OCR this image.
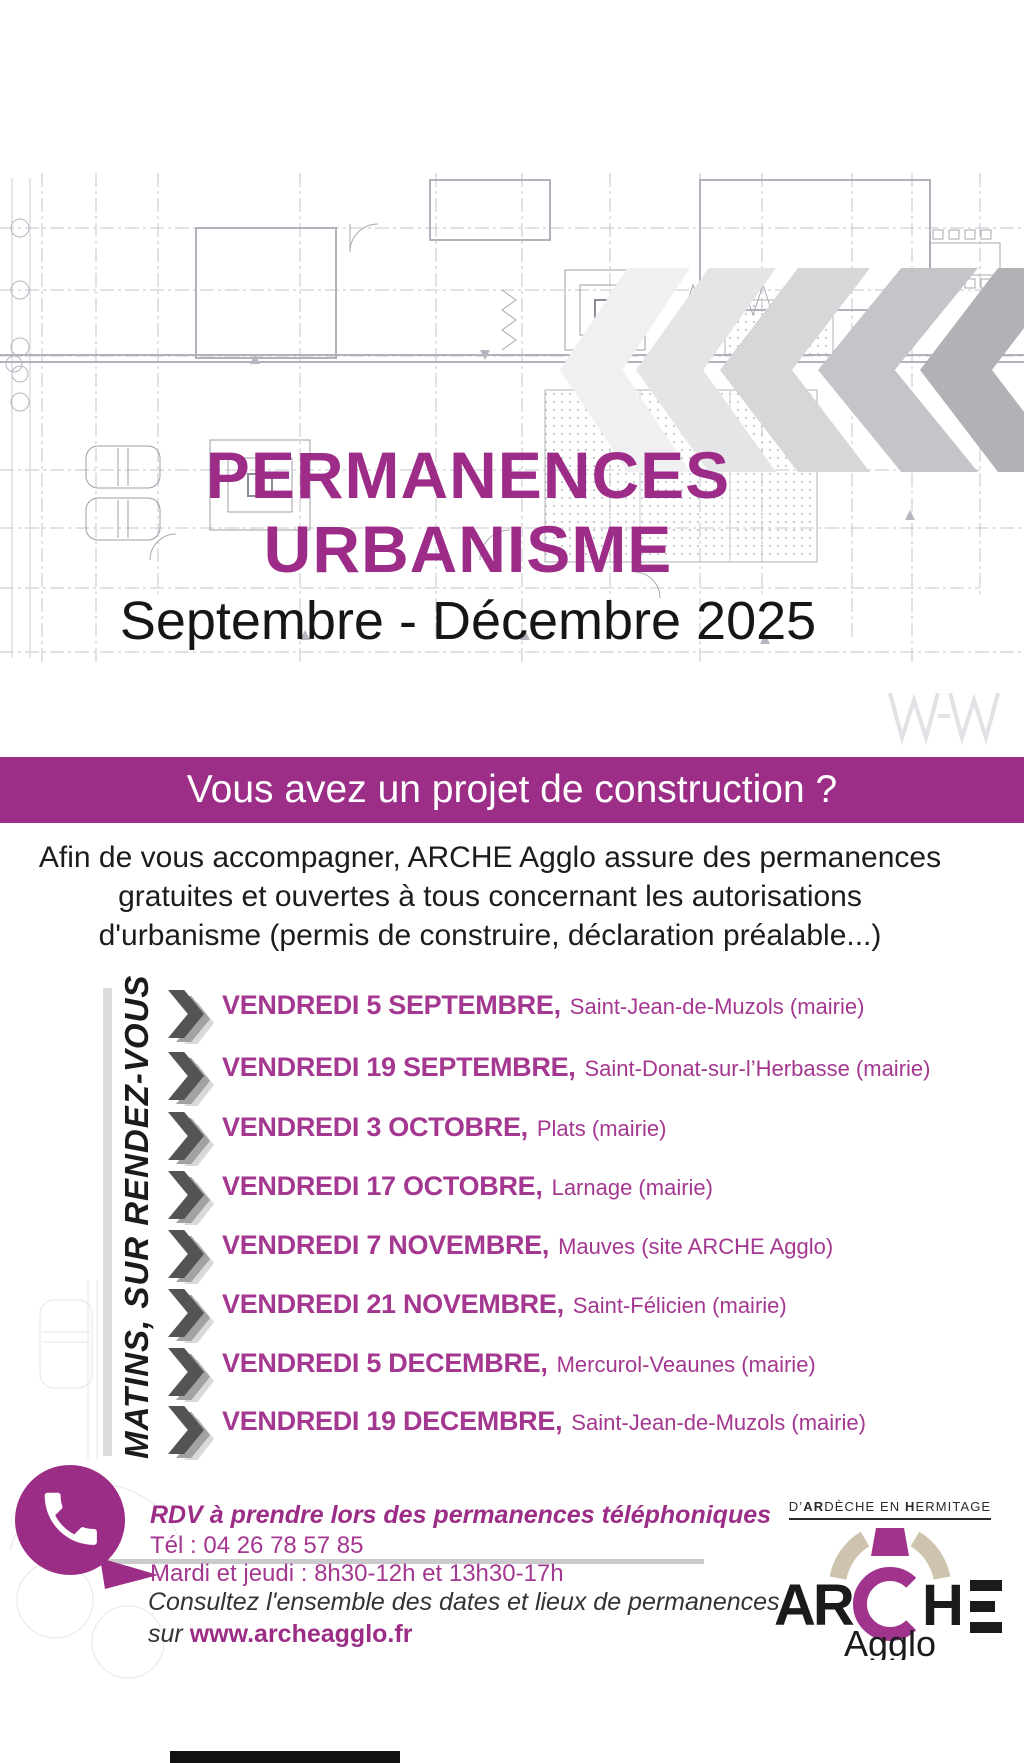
PERMANENCES
URBANISME
Septembre - Décembre 2025
Vous avez un projet de construction ?
Afin de vous accompagner, ARCHE Agglo assure des permanences
gratuites et ouvertes à tous concernant les autorisations
d'urbanisme (permis de construire, déclaration préalable...)
MATINS, SUR RENDEZ-VOUS VENDREDI 5 SEPTEMBRE, Saint-Jean-de-Muzols (mairie)
VENDREDI 19 SEPTEMBRE, Saint-Donat-sur-l’Herbasse (mairie)
VENDREDI 3 OCTOBRE, Plats (mairie)
VENDREDI 17 OCTOBRE, Larnage (mairie)
VENDREDI 7 NOVEMBRE, Mauves (site ARCHE Agglo)
VENDREDI 21 NOVEMBRE, Saint-Félicien (mairie)
VENDREDI 5 DECEMBRE, Mercurol-Veaunes (mairie)
VENDREDI 19 DECEMBRE, Saint-Jean-de-Muzols (mairie)
RDV à prendre lors des permanences téléphoniques
Tél : 04 26 78 57 85
Mardi et jeudi : 8h30-12h et 13h30-17h
Consultez l'ensemble des dates et lieux de permanences
sur www.archeagglo.fr
D’ARDÈCHE EN HERMITAGE
AR H
Agglo
